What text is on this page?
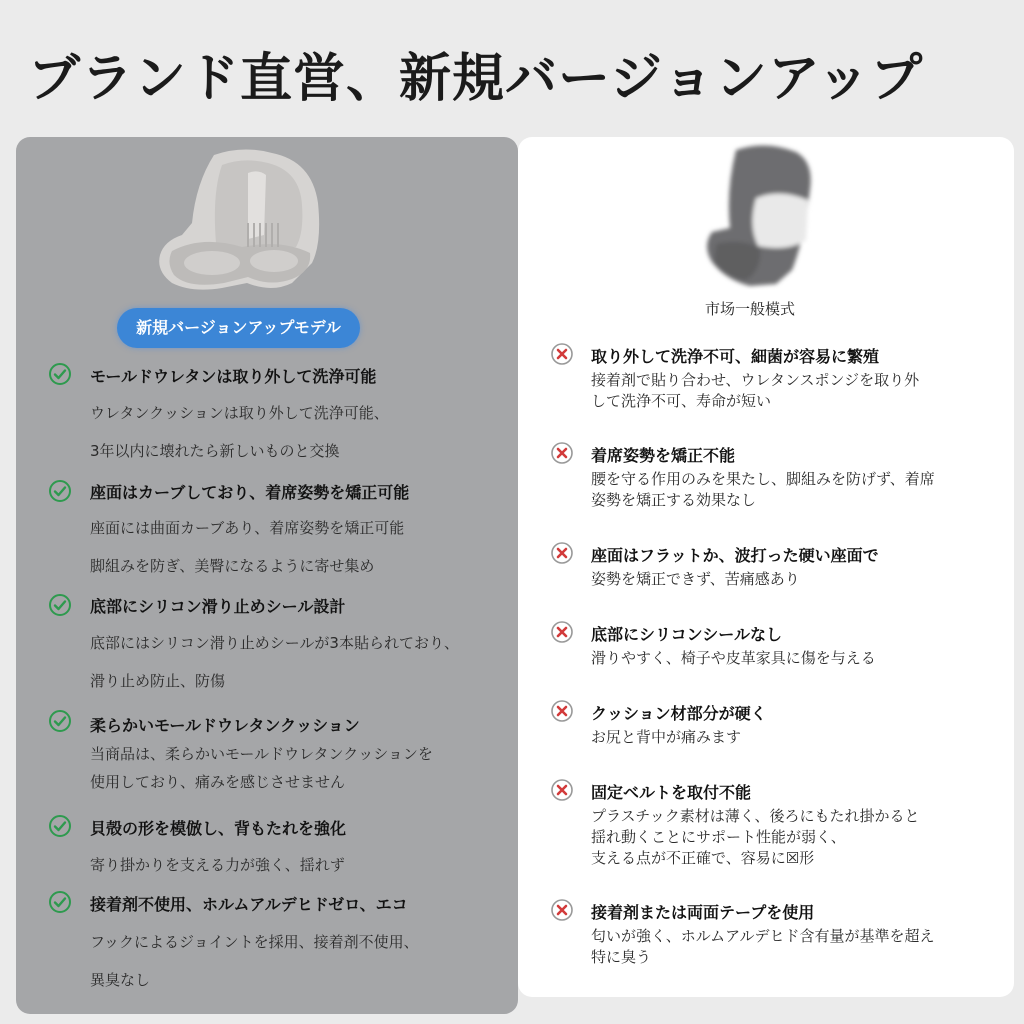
ブランド直営、新規バージョンアップ
新規バージョンアップモデル
市场一般模式
モールドウレタンは取り外して洗浄可能
ウレタンクッションは取り外して洗浄可能、
3年以内に壊れたら新しいものと交換
座面はカーブしており、着席姿勢を矯正可能
座面には曲面カーブあり、着席姿勢を矯正可能
脚組みを防ぎ、美臀になるように寄せ集め
底部にシリコン滑り止めシール設計
底部にはシリコン滑り止めシールが3本貼られており、
滑り止め防止、防傷
柔らかいモールドウレタンクッション
当商品は、柔らかいモールドウレタンクッションを
使用しており、痛みを感じさせません
貝殻の形を模倣し、背もたれを強化
寄り掛かりを支える力が強く、揺れず
接着剤不使用、ホルムアルデヒドゼロ、エコ
フックによるジョイントを採用、接着剤不使用、
異臭なし
取り外して洗浄不可、細菌が容易に繁殖
接着剤で貼り合わせ、ウレタンスポンジを取り外
して洗浄不可、寿命が短い
着席姿勢を矯正不能
腰を守る作用のみを果たし、脚組みを防げず、着席
姿勢を矯正する効果なし
座面はフラットか、波打った硬い座面で
姿勢を矯正できず、苦痛感あり
底部にシリコンシールなし
滑りやすく、椅子や皮革家具に傷を与える
クッション材部分が硬く
お尻と背中が痛みます
固定ベルトを取付不能
プラスチック素材は薄く、後ろにもたれ掛かると
揺れ動くことにサポート性能が弱く、
支える点が不正確で、容易に☒形
接着剤または両面テープを使用
匂いが強く、ホルムアルデヒド含有量が基準を超え
特に臭う
